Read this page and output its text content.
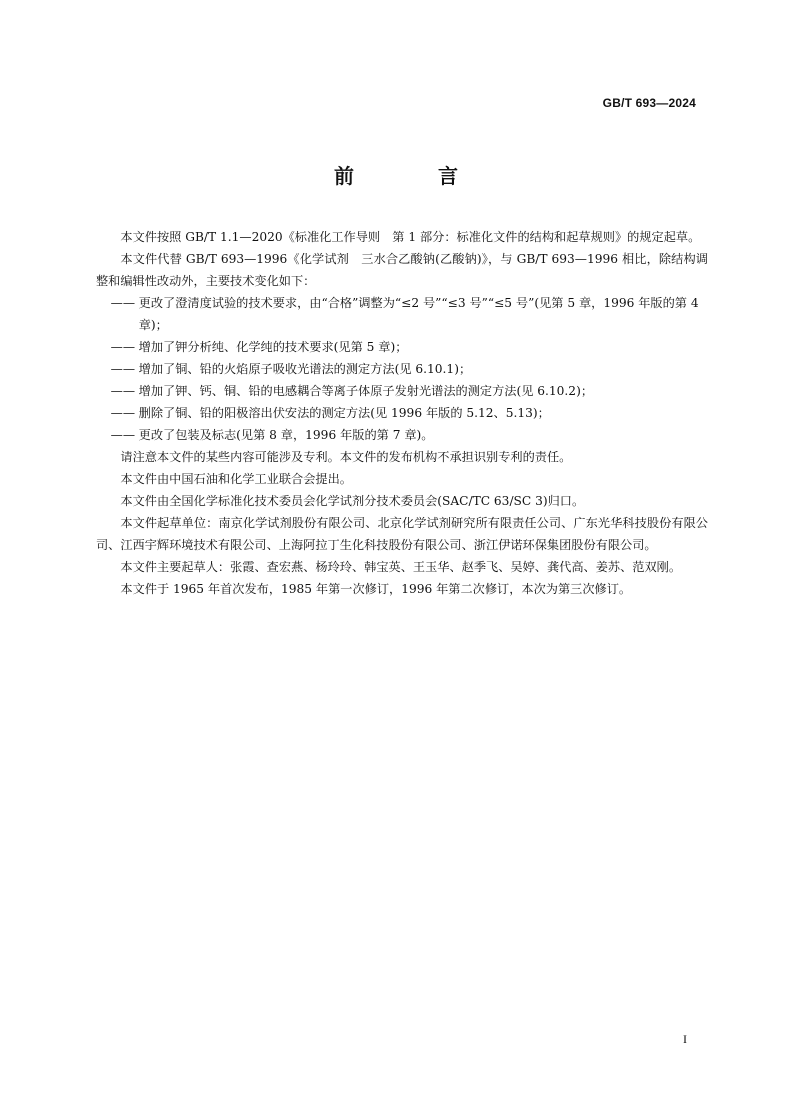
GB/T 693—2024
前　言

本文件按照 GB/T 1.1—2020《标准化工作导则　第 1 部分：标准化文件的结构和起草规则》的规定起草。

本文件代替 GB/T 693—1996《化学试剂　三水合乙酸钠(乙酸钠)》，与 GB/T 693—1996 相比，除结构调整和编辑性改动外，主要技术变化如下：

—— 更改了澄清度试验的技术要求，由“合格”调整为“≤2 号”“≤3 号”“≤5 号”(见第 5 章，1996 年版的第 4 章)；

—— 增加了钾分析纯、化学纯的技术要求(见第 5 章)；

—— 增加了铜、铅的火焰原子吸收光谱法的测定方法(见 6.10.1)；

—— 增加了钾、钙、铜、铅的电感耦合等离子体原子发射光谱法的测定方法(见 6.10.2)；

—— 删除了铜、铅的阳极溶出伏安法的测定方法(见 1996 年版的 5.12、5.13)；

—— 更改了包装及标志(见第 8 章，1996 年版的第 7 章)。

请注意本文件的某些内容可能涉及专利。本文件的发布机构不承担识别专利的责任。

本文件由中国石油和化学工业联合会提出。

本文件由全国化学标准化技术委员会化学试剂分技术委员会(SAC/TC 63/SC 3)归口。

本文件起草单位：南京化学试剂股份有限公司、北京化学试剂研究所有限责任公司、广东光华科技股份有限公司、江西宇辉环境技术有限公司、上海阿拉丁生化科技股份有限公司、浙江伊诺环保集团股份有限公司。

本文件主要起草人：张霞、查宏燕、杨玲玲、韩宝英、王玉华、赵季飞、吴婷、龚代高、姜苏、范双刚。

本文件于 1965 年首次发布，1985 年第一次修订，1996 年第二次修订，本次为第三次修订。

I
